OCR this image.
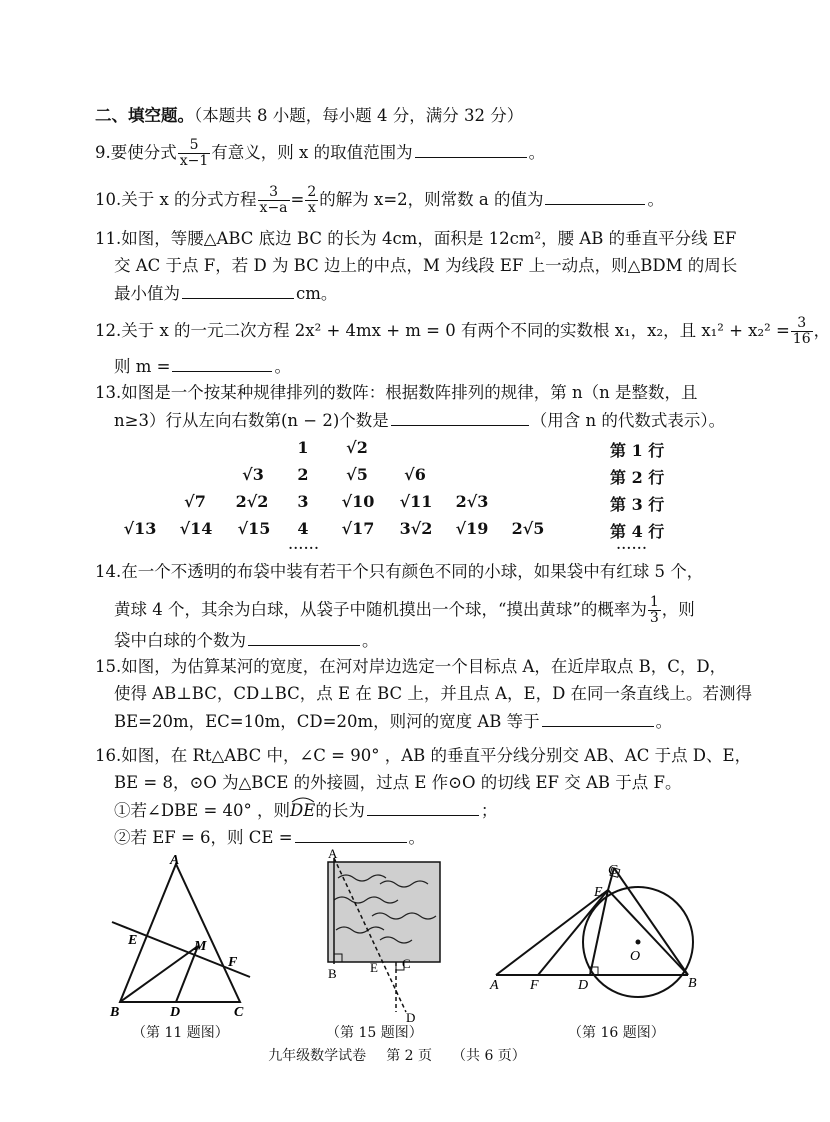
二、填空题。（本题共 8 小题，每小题 4 分，满分 32 分）
9.要使分式 $\frac{5}{x-1}$ 有意义，则 x 的取值范围为	。
10.关于 x 的分式方程 $\frac{3}{x-a} = \frac{2}{x}$ 的解为 x=2，则常数 a 的值为	。
11.如图，等腰△ABC 底边 BC 的长为 4cm，面积是 12cm²，腰 AB 的垂直平分线 EF
交 AC 于点 F，若 D 为 BC 边上的中点，M 为线段 EF 上一动点，则△BDM 的周长
最小值为	cm。
12.关于 x 的一元二次方程 2x² + 4mx + m = 0 有两个不同的实数根 x₁，x₂，且 $x_1^2 + x_2^2 = \frac{3}{16}$ ，
则 m =	。
13.如图是一个按某种规律排列的数阵：根据数阵排列的规律，第 n（n 是整数，且
n≥3）行从左向右数第(n − 2)个数是	（用含 n 的代数式表示）。
1	√2	第 1 行
√3	2	√5	√6	第 2 行
√7	2√2	3	√10 √11	2√3	第 3 行
√13 √14 √15	4	√17	3√2	√19	2√5	第 4 行
......	......
14.在一个不透明的布袋中装有若干个只有颜色不同的小球，如果袋中有红球 5 个，
黄球 4 个，其余为白球，从袋子中随机摸出一个球，“摸出黄球”的概率为 $\frac{1}{3}$ ，则
袋中白球的个数为	。
15.如图，为估算某河的宽度，在河对岸边选定一个目标点 A，在近岸取点 B，C，D，
使得 AB⊥BC，CD⊥BC，点 E 在 BC 上，并且点 A，E，D 在同一条直线上。若测得
BE=20m，EC=10m，CD=20m，则河的宽度 AB 等于	。
16.如图，在 Rt△ABC 中，∠C = 90° ，AB 的垂直平分线分别交 AB、AC 于点 D、E，
BE = 8，⊙O 为△BCE 的外接圆，过点 E 作⊙O 的切线 EF 交 AB 于点 F。
①若∠DBE = 40° ，则DE
的长为	；
②若 EF = 6，则 CE =	。
A
B	C
D
E
F
M
（第 11 题图）
A
B
C
D
E
（第 15 题图）
A	B
C
D
E
F
O
（第 16 题图）
九年级数学试卷 第 2 页 （共 6 页）
